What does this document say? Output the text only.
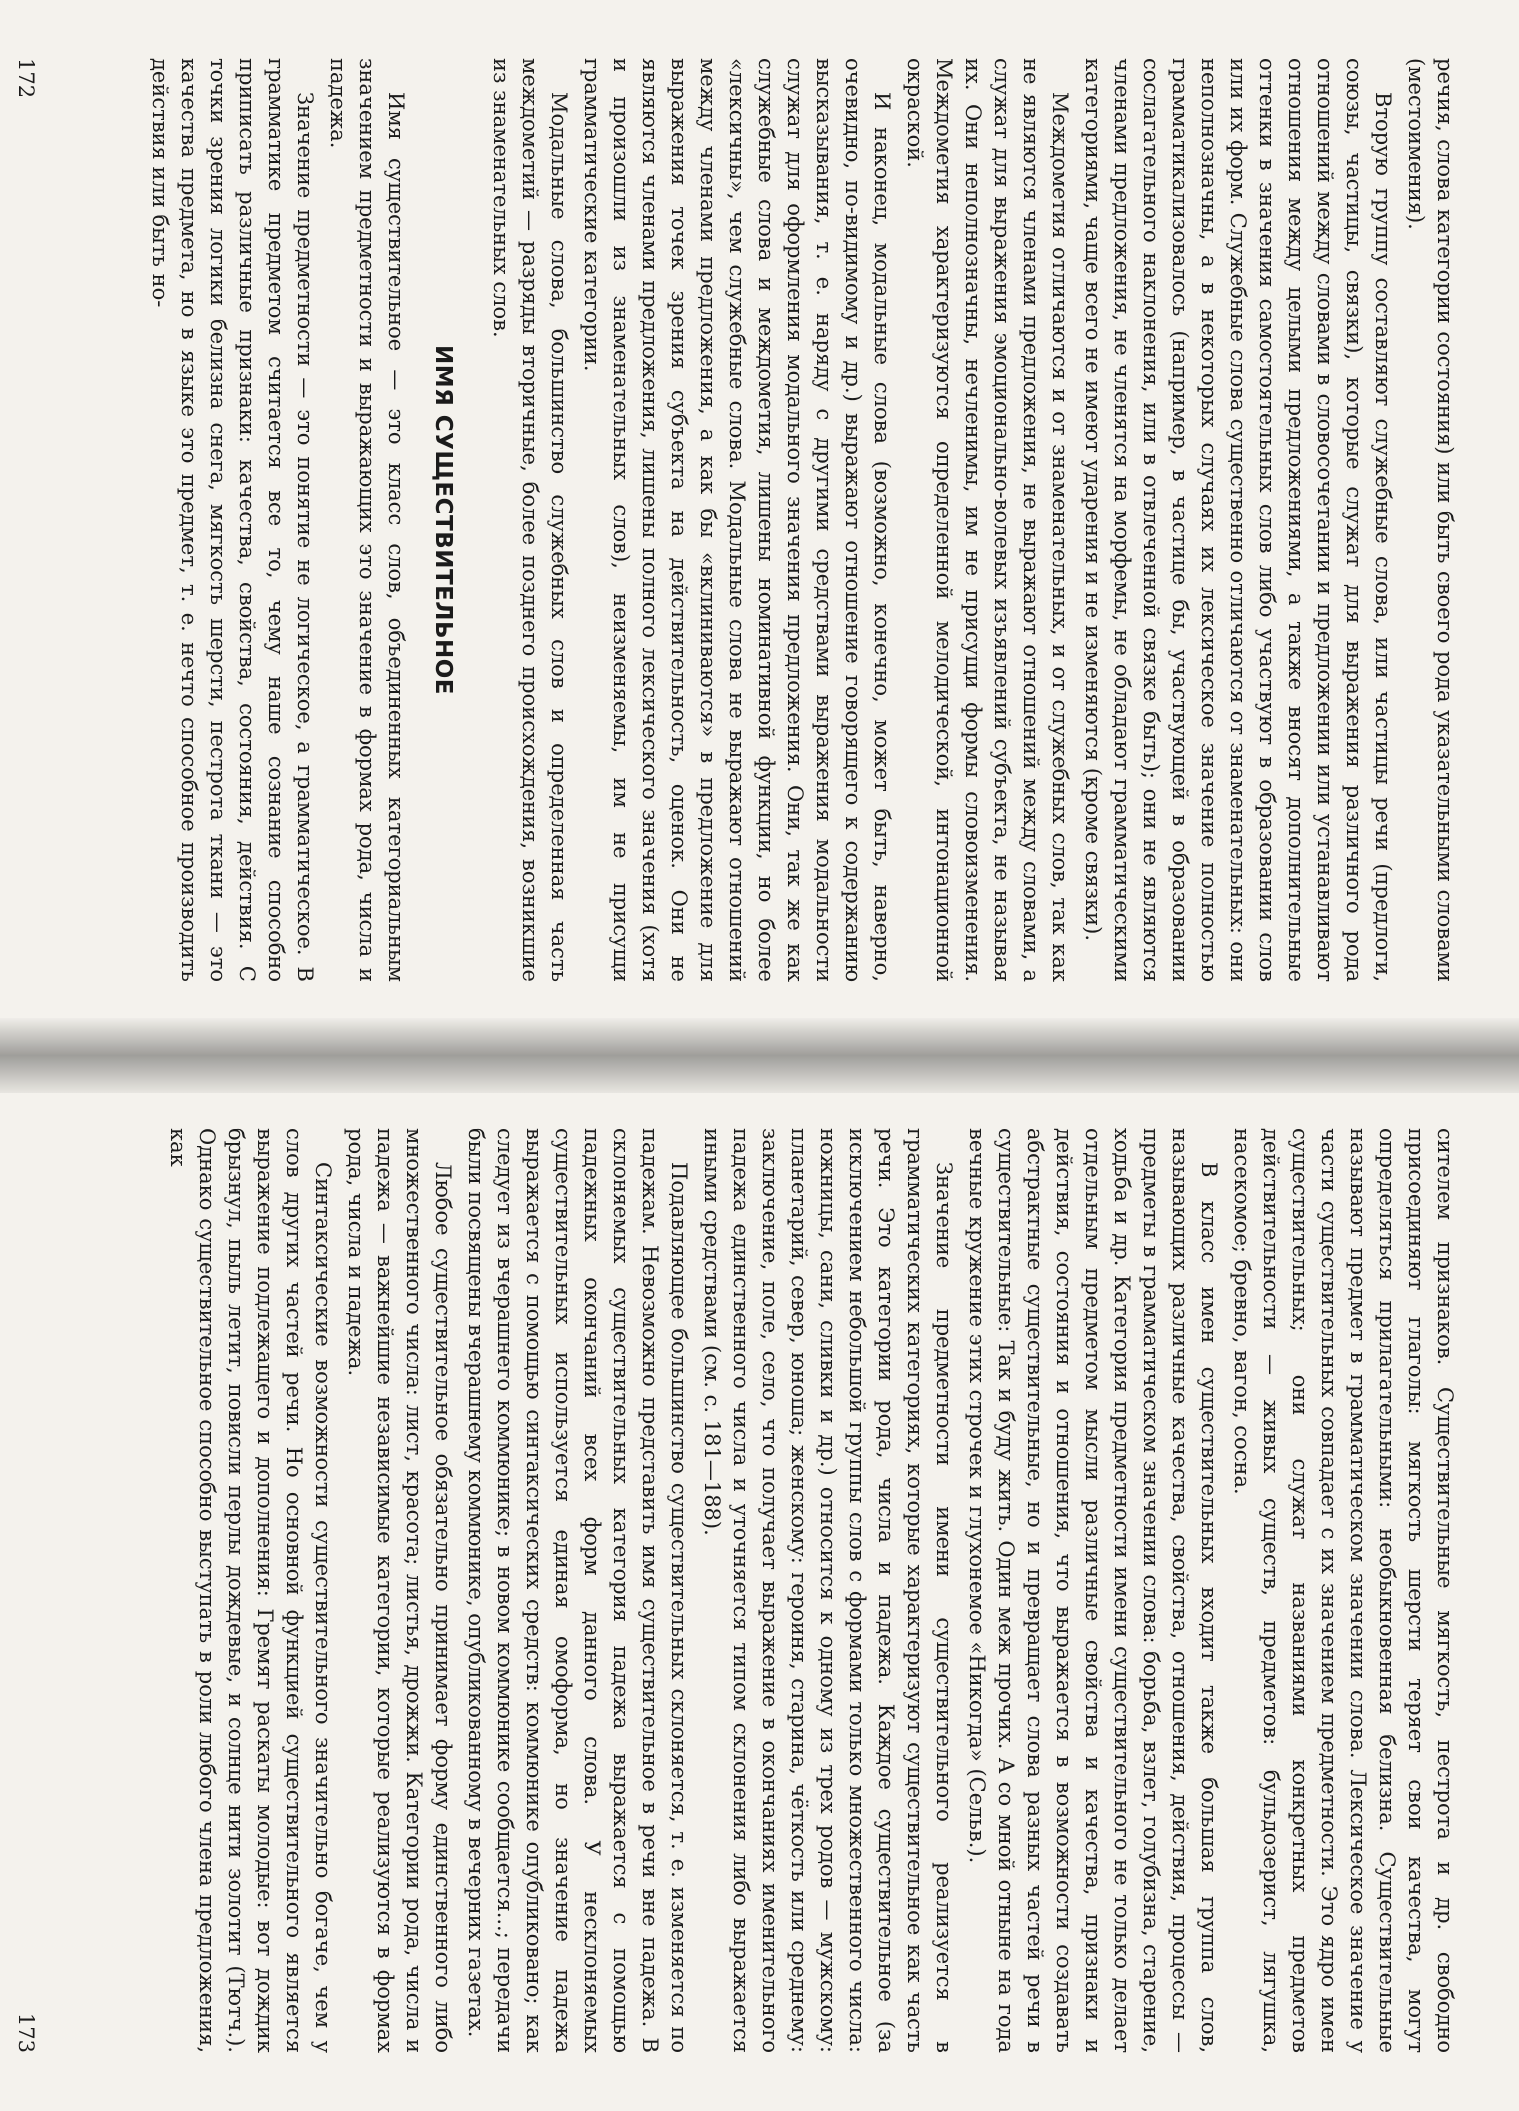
речия, слова категории состояния) или быть своего рода указательными словами (местоимения).

Вторую группу составляют служебные слова, или частицы речи (предлоги, союзы, частицы, связки), которые служат для выражения различного рода отношений между словами в словосочетании и предложении или устанавливают отношения между целыми предложениями, а также вносят дополнительные оттенки в значения самостоятельных слов либо участвуют в образовании слов или их форм. Служебные слова существенно отличаются от знаменательных: они неполнозначны, а в некоторых случаях их лексическое значение полностью грамматикализовалось (например, в частице бы, участвующей в образовании сослагательного наклонения, или в отвлеченной связке быть); они не являются членами предложения, не членятся на морфемы, не обладают грамматическими категориями, чаще всего не имеют ударения и не изменяются (кроме связки).

Междометия отличаются и от знаменательных, и от служебных слов, так как не являются членами предложения, не выражают отношений между словами, а служат для выражения эмоционально-волевых изъявлений субъекта, не называя их. Они неполнозначны, нечленимы, им не присущи формы словоизменения. Междометия характеризуются определенной мелодической, интонационной окраской.

И наконец, модальные слова (возможно, конечно, может быть, наверно, очевидно, по-видимому и др.) выражают отношение говорящего к содержанию высказывания, т. е. наряду с другими средствами выражения модальности служат для оформления модального значения предложения. Они, так же как служебные слова и междометия, лишены номинативной функции, но более «лексичны», чем служебные слова. Модальные слова не выражают отношений между членами предложения, а как бы «вклиниваются» в предложение для выражения точек зрения субъекта на действительность, оценок. Они не являются членами предложения, лишены полного лексического значения (хотя и произошли из знаменательных слов), неизменяемы, им не присущи грамматические категории.

Модальные слова, большинство служебных слов и определенная часть междометий — разряды вторичные, более позднего происхождения, возникшие из знаменательных слов.

ИМЯ СУЩЕСТВИТЕЛЬНОЕ

Имя существительное — это класс слов, объединенных категориальным значением предметности и выражающих это значение в формах рода, числа и падежа.

Значение предметности — это понятие не логическое, а грамматическое. В грамматике предметом считается все то, чему наше сознание способно приписать различные признаки: качества, свойства, состояния, действия. С точки зрения логики белизна снега, мягкость шерсти, пестрота ткани — это качества предмета, но в языке это предмет, т. е. нечто способное производить действия или быть но-

172

сителем признаков. Существительные мягкость, пестрота и др. свободно присоединяют глаголы: мягкость шерсти теряет свои качества, могут определяться прилагательными: необыкновенная белизна. Существительные называют предмет в грамматическом значении слова. Лексическое значение у части существительных совпадает с их значением предметности. Это ядро имен существительных; они служат названиями конкретных предметов действительности — живых существ, предметов: бульдозерист, лягушка, насекомое; бревно, вагон, сосна.

В класс имен существительных входит также большая группа слов, называющих различные качества, свойства, отношения, действия, процессы — предметы в грамматическом значении слова: борьба, взлет, голубизна, старение, ходьба и др. Категория предметности имени существительного не только делает отдельным предметом мысли различные свойства и качества, признаки и действия, состояния и отношения, что выражается в возможности создавать абстрактные существительные, но и превращает слова разных частей речи в существительные: Так и буду жить. Один меж прочих. А со мной отныне на года вечные кружение этих строчек и глухонемое «Никогда» (Сельв.).

Значение предметности имени существительного реализуется в грамматических категориях, которые характеризуют существительное как часть речи. Это категории рода, числа и падежа. Каждое существительное (за исключением небольшой группы слов с формами только множественного числа: ножницы, сани, сливки и др.) относится к одному из трех родов — мужскому: планетарий, север, юноша; женскому: героиня, старина, чёткость или среднему: заключение, поле, село, что получает выражение в окончаниях именительного падежа единственного числа и уточняется типом склонения либо выражается иными средствами (см. с. 181—188).

Подавляющее большинство существительных склоняется, т. е. изменяется по падежам. Невозможно представить имя существительное в речи вне падежа. В склоняемых существительных категория падежа выражается с помощью падежных окончаний всех форм данного слова. У несклоняемых существительных используется единая омоформа, но значение падежа выражается с помощью синтаксических средств: коммюнике опубликовано; как следует из вчерашнего коммюнике; в новом коммюнике сообщается...; передачи были посвящены вчерашнему коммюнике, опубликованному в вечерних газетах.

Любое существительное обязательно принимает форму единственного либо множественного числа: лист, красота; листья, дрожжи. Категории рода, числа и падежа — важнейшие независимые категории, которые реализуются в формах рода, числа и падежа.

Синтаксические возможности существительного значительно богаче, чем у слов других частей речи. Но основной функцией существительного является выражение подлежащего и дополнения: Гремят раскаты молодые: вот дождик брызнул, пыль летит, повисли перлы дождевые, и солнце нити золотит (Тютч.). Однако существительное способно выступать в роли любого члена предложения, как

173
